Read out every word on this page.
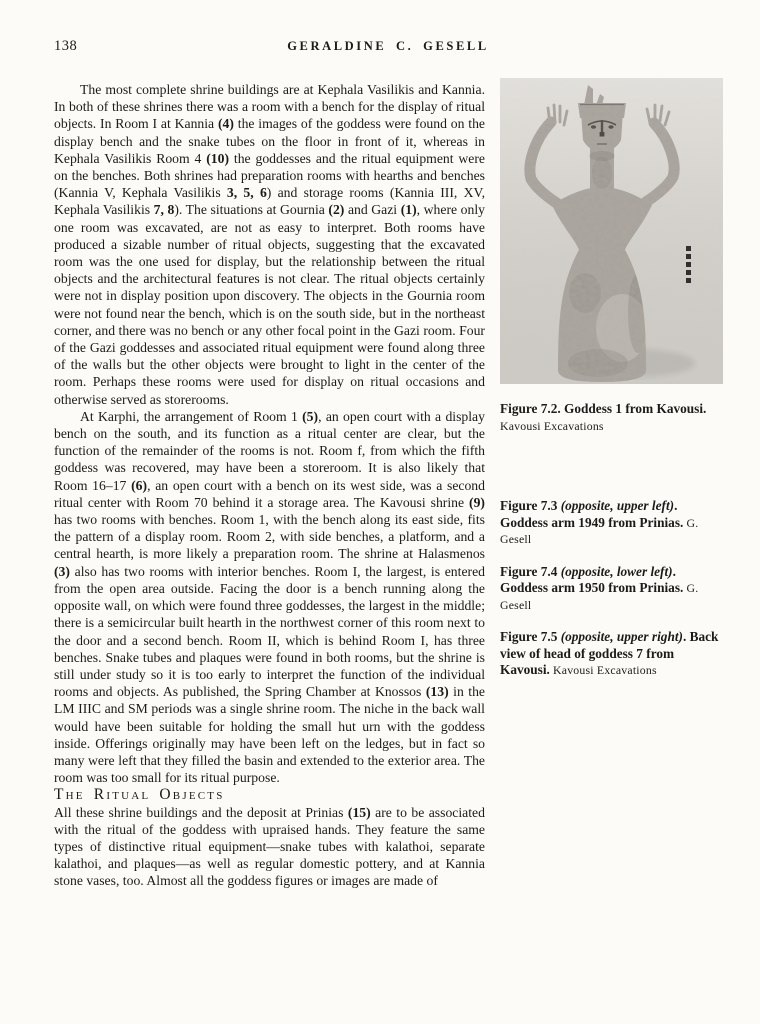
138	GERALDINE C. GESELL

The most complete shrine buildings are at Kephala Vasilikis and Kannia. In both of these shrines there was a room with a bench for the display of ritual objects. In Room I at Kannia (4) the images of the goddess were found on the display bench and the snake tubes on the floor in front of it, whereas in Kephala Vasilikis Room 4 (10) the goddesses and the ritual equipment were on the benches. Both shrines had preparation rooms with hearths and benches (Kannia V, Kephala Vasilikis 3, 5, 6) and storage rooms (Kannia III, XV, Kephala Vasilikis 7, 8). The situations at Gournia (2) and Gazi (1), where only one room was excavated, are not as easy to interpret. Both rooms have produced a sizable number of ritual objects, suggesting that the excavated room was the one used for display, but the relationship between the ritual objects and the architectural features is not clear. The ritual objects certainly were not in display position upon discovery. The objects in the Gournia room were not found near the bench, which is on the south side, but in the northeast corner, and there was no bench or any other focal point in the Gazi room. Four of the Gazi goddesses and associated ritual equipment were found along three of the walls but the other objects were brought to light in the center of the room. Perhaps these rooms were used for display on ritual occasions and otherwise served as storerooms.

At Karphi, the arrangement of Room 1 (5), an open court with a display bench on the south, and its function as a ritual center are clear, but the function of the remainder of the rooms is not. Room f, from which the fifth goddess was recovered, may have been a storeroom. It is also likely that Room 16–17 (6), an open court with a bench on its west side, was a second ritual center with Room 70 behind it a storage area. The Kavousi shrine (9) has two rooms with benches. Room 1, with the bench along its east side, fits the pattern of a display room. Room 2, with side benches, a platform, and a central hearth, is more likely a preparation room. The shrine at Halasmenos (3) also has two rooms with interior benches. Room I, the largest, is entered from the open area outside. Facing the door is a bench running along the opposite wall, on which were found three goddesses, the largest in the middle; there is a semicircular built hearth in the northwest corner of this room next to the door and a second bench. Room II, which is behind Room I, has three benches. Snake tubes and plaques were found in both rooms, but the shrine is still under study so it is too early to interpret the function of the individual rooms and objects. As published, the Spring Chamber at Knossos (13) in the LM IIIC and SM periods was a single shrine room. The niche in the back wall would have been suitable for holding the small hut urn with the goddess inside. Offerings originally may have been left on the ledges, but in fact so many were left that they filled the basin and extended to the exterior area. The room was too small for its ritual purpose.

The Ritual Objects

All these shrine buildings and the deposit at Prinias (15) are to be associated with the ritual of the goddess with upraised hands. They feature the same types of distinctive ritual equipment—snake tubes with kalathoi, separate kalathoi, and plaques—as well as regular domestic pottery, and at Kannia stone vases, too. Almost all the goddess figures or images are made of

Figure 7.2. Goddess 1 from Kavousi.
Kavousi Excavations
Figure 7.3 (opposite, upper left). Goddess arm 1949 from Prinias. G. Gesell
Figure 7.4 (opposite, lower left). Goddess arm 1950 from Prinias. G. Gesell
Figure 7.5 (opposite, upper right). Back view of head of goddess 7 from Kavousi. Kavousi Excavations
